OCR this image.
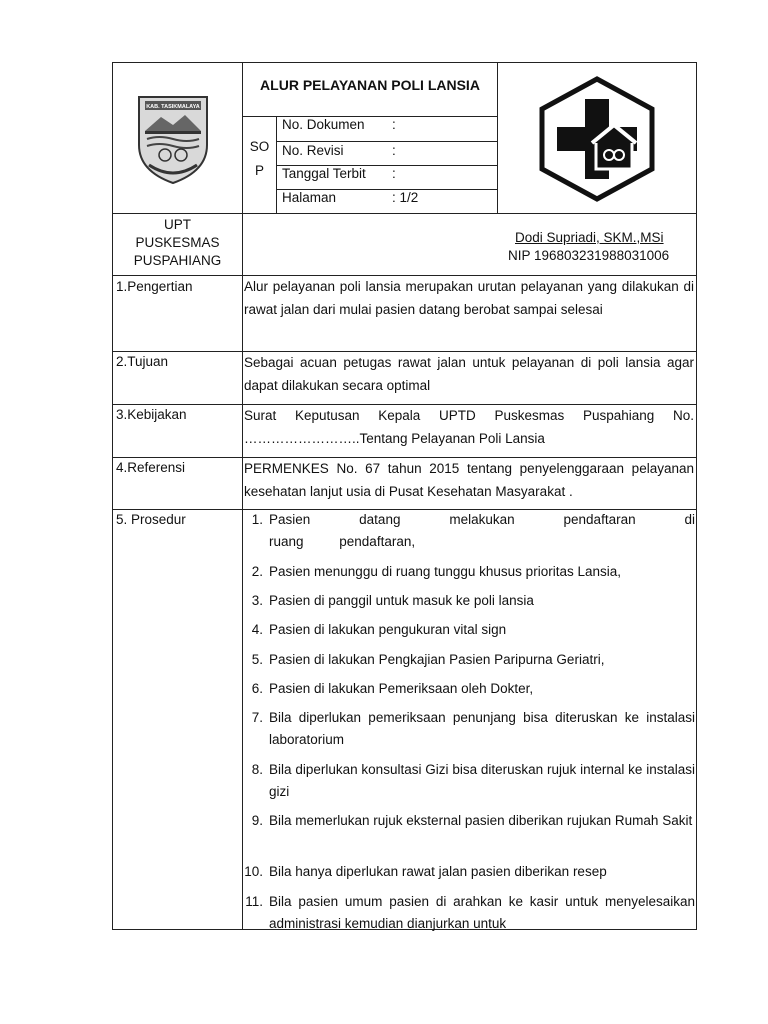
KAB. TASIKMALAYA
ALUR PELAYANAN POLI LANSIA
SO
P
No. Dokumen :
No. Revisi	:
Tanggal Terbit :
Halaman	: 1/2
UPT
PUSKESMAS
PUSPAHIANG
Dodi Supriadi, SKM.,MSi
NIP 196803231988031006
1.Pengertian
2.Tujuan
3.Kebijakan
4.Referensi
5. Prosedur

Alur pelayanan poli lansia merupakan urutan pelayanan yang dilakukan di rawat jalan dari mulai pasien datang berobat sampai selesai

Sebagai acuan petugas rawat jalan untuk pelayanan di poli lansia agar dapat dilakukan secara optimal

Surat Keputusan Kepala UPTD Puskesmas Puspahiang No. ……………………..Tentang Pelayanan Poli Lansia

PERMENKES No. 67 tahun 2015 tentang penyelenggaraan pelayanan kesehatan lanjut usia di Pusat Kesehatan Masyarakat .

1. Pasien datang melakukan pendaftaran di ruang pendaftaran,
2. Pasien menunggu di ruang tunggu khusus prioritas Lansia,
3. Pasien di panggil untuk masuk ke poli lansia
4. Pasien di lakukan pengukuran vital sign
5. Pasien di lakukan Pengkajian Pasien Paripurna Geriatri,
6. Pasien di lakukan Pemeriksaan oleh Dokter,
7. Bila diperlukan pemeriksaan penunjang bisa diteruskan ke instalasi laboratorium
8. Bila diperlukan konsultasi Gizi bisa diteruskan rujuk internal ke instalasi gizi
9. Bila memerlukan rujuk eksternal pasien diberikan rujukan Rumah Sakit
10. Bila hanya diperlukan rawat jalan pasien diberikan resep
11. Bila pasien umum pasien di arahkan ke kasir untuk menyelesaikan administrasi kemudian dianjurkan untuk
